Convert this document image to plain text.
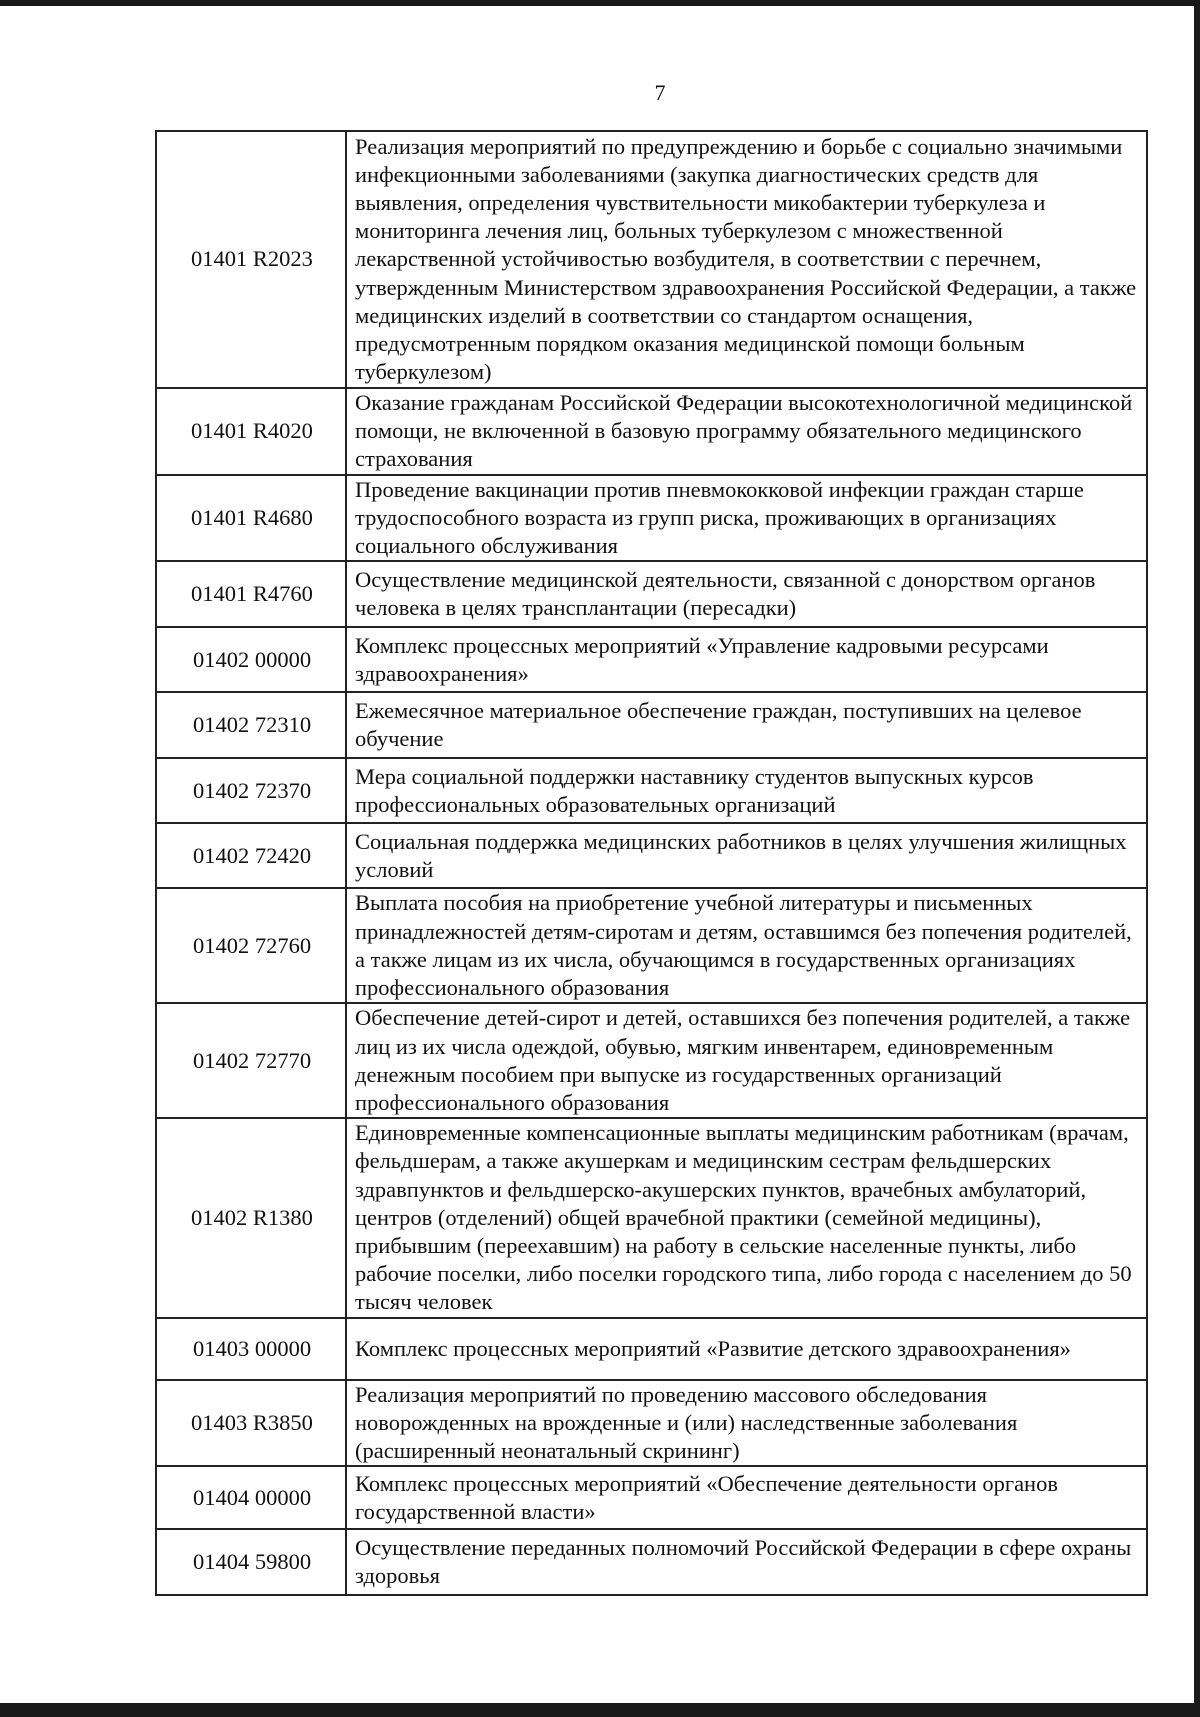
7
01401 R2023	Реализация мероприятий по предупреждению и борьбе с социально значимыми инфекционными заболеваниями (закупка диагностических средств для выявления, определения чувствительности микобактерии туберкулеза и мониторинга лечения лиц, больных туберкулезом с множественной лекарственной устойчивостью возбудителя, в соответствии с перечнем, утвержденным Министерством здравоохранения Российской Федерации, а также медицинских изделий в соответствии со стандартом оснащения, предусмотренным порядком оказания медицинской помощи больным туберкулезом)
01401 R4020	Оказание гражданам Российской Федерации высокотехнологичной медицинской помощи, не включенной в базовую программу обязательного медицинского страхования
01401 R4680	Проведение вакцинации против пневмококковой инфекции граждан старше трудоспособного возраста из групп риска, проживающих в организациях социального обслуживания
01401 R4760	Осуществление медицинской деятельности, связанной с донорством органов человека в целях трансплантации (пересадки)
01402 00000	Комплекс процессных мероприятий «Управление кадровыми ресурсами здравоохранения»
01402 72310	Ежемесячное материальное обеспечение граждан, поступивших на целевое обучение
01402 72370	Мера социальной поддержки наставнику студентов выпускных курсов профессиональных образовательных организаций
01402 72420	Социальная поддержка медицинских работников в целях улучшения жилищных условий
01402 72760	Выплата пособия на приобретение учебной литературы и письменных принадлежностей детям-сиротам и детям, оставшимся без попечения родителей, а также лицам из их числа, обучающимся в государственных организациях профессионального образования
01402 72770	Обеспечение детей-сирот и детей, оставшихся без попечения родителей, а также лиц из их числа одеждой, обувью, мягким инвентарем, единовременным денежным пособием при выпуске из государственных организаций профессионального образования
01402 R1380	Единовременные компенсационные выплаты медицинским работникам (врачам, фельдшерам, а также акушеркам и медицинским сестрам фельдшерских здравпунктов и фельдшерско-акушерских пунктов, врачебных амбулаторий, центров (отделений) общей врачебной практики (семейной медицины), прибывшим (переехавшим) на работу в сельские населенные пункты, либо рабочие поселки, либо поселки городского типа, либо города с населением до 50 тысяч человек
01403 00000	Комплекс процессных мероприятий «Развитие детского здравоохранения»
01403 R3850	Реализация мероприятий по проведению массового обследования новорожденных на врожденные и (или) наследственные заболевания (расширенный неонатальный скрининг)
01404 00000	Комплекс процессных мероприятий «Обеспечение деятельности органов государственной власти»
01404 59800	Осуществление переданных полномочий Российской Федерации в сфере охраны здоровья
